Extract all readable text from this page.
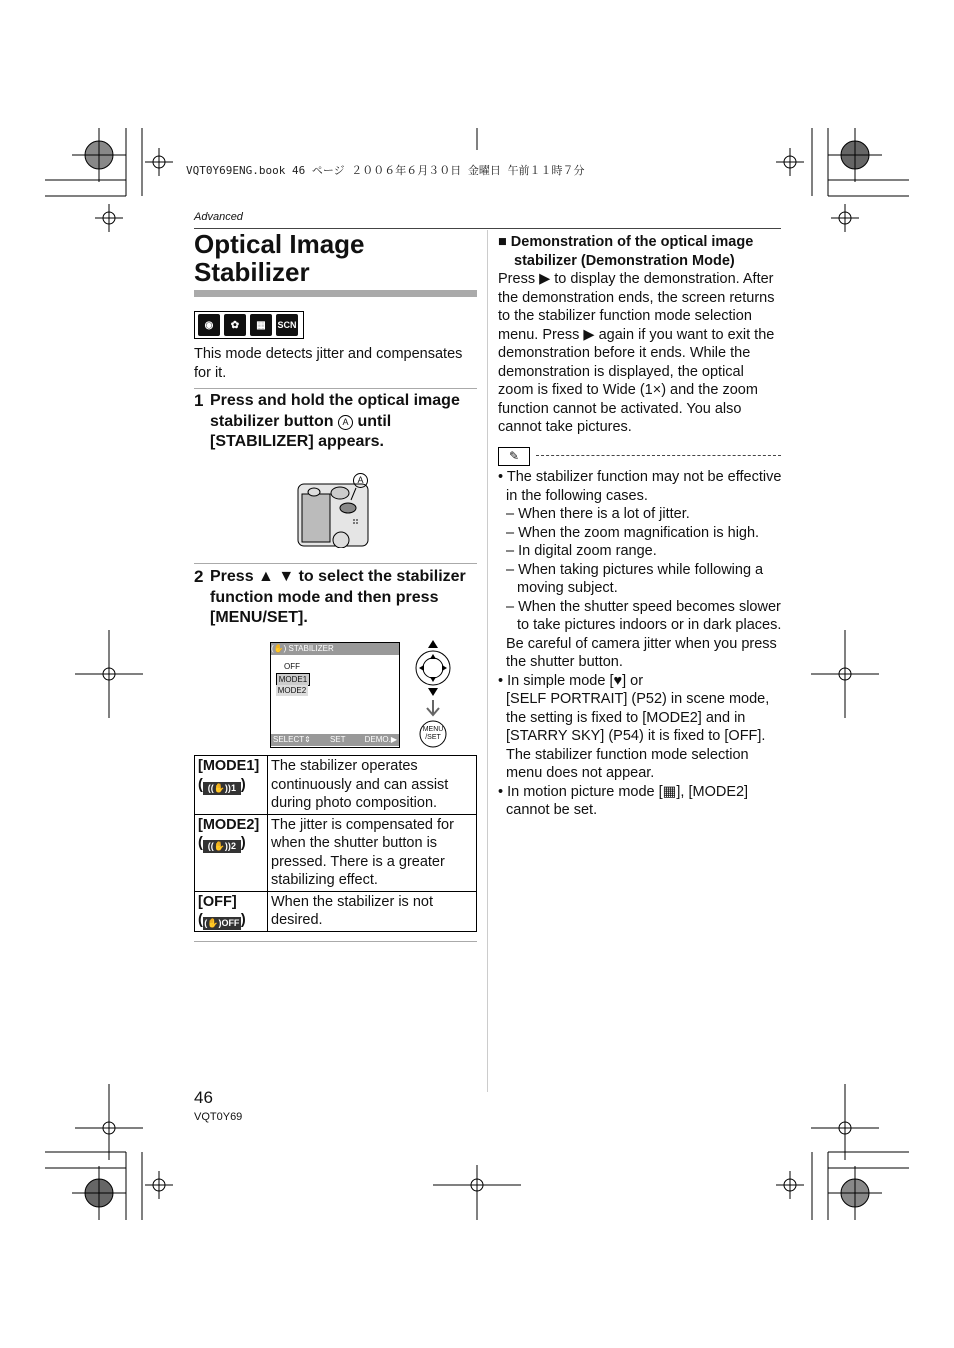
VQT0Y69ENG.book 46 ページ ２００６年６月３０日 金曜日 午前１１時７分
Advanced
Optical Image Stabilizer
◉	✿	▦	SCN
This mode detects jitter and compensates for it.
1 Press and hold the optical image stabilizer button A until [STABILIZER] appears.
A
2 Press ▲ ▼ to select the stabilizer function mode and then press [MENU/SET].
(✋) STABILIZER
OFF
MODE1
MODE2
SELECT⇕ SET DEMO.▶
MENU /SET
[MODE1]
( ((✋))1 )	The stabilizer operates continuously and can assist during photo composition.
[MODE2]
( ((✋))2 )	The jitter is compensated for when the shutter button is pressed. There is a greater stabilizing effect.
[OFF]
((✋)OFF)	When the stabilizer is not desired.
■ Demonstration of the optical image stabilizer (Demonstration Mode)
Press ▶ to display the demonstration. After the demonstration ends, the screen returns to the stabilizer function mode selection menu. Press ▶ again if you want to exit the demonstration before it ends. While the demonstration is displayed, the optical zoom is fixed to Wide (1×) and the zoom function cannot be activated. You also cannot take pictures.
✎
• The stabilizer function may not be effective in the following cases.
– When there is a lot of jitter.
– When the zoom magnification is high.
– In digital zoom range.
– When taking pictures while following a moving subject.
– When the shutter speed becomes slower to take pictures indoors or in dark places.
Be careful of camera jitter when you press the shutter button.
• In simple mode [♥] or
[SELF PORTRAIT] (P52) in scene mode, the setting is fixed to [MODE2] and in [STARRY SKY] (P54) it is fixed to [OFF]. The stabilizer function mode selection menu does not appear.
• In motion picture mode [▦], [MODE2] cannot be set.
46
VQT0Y69
